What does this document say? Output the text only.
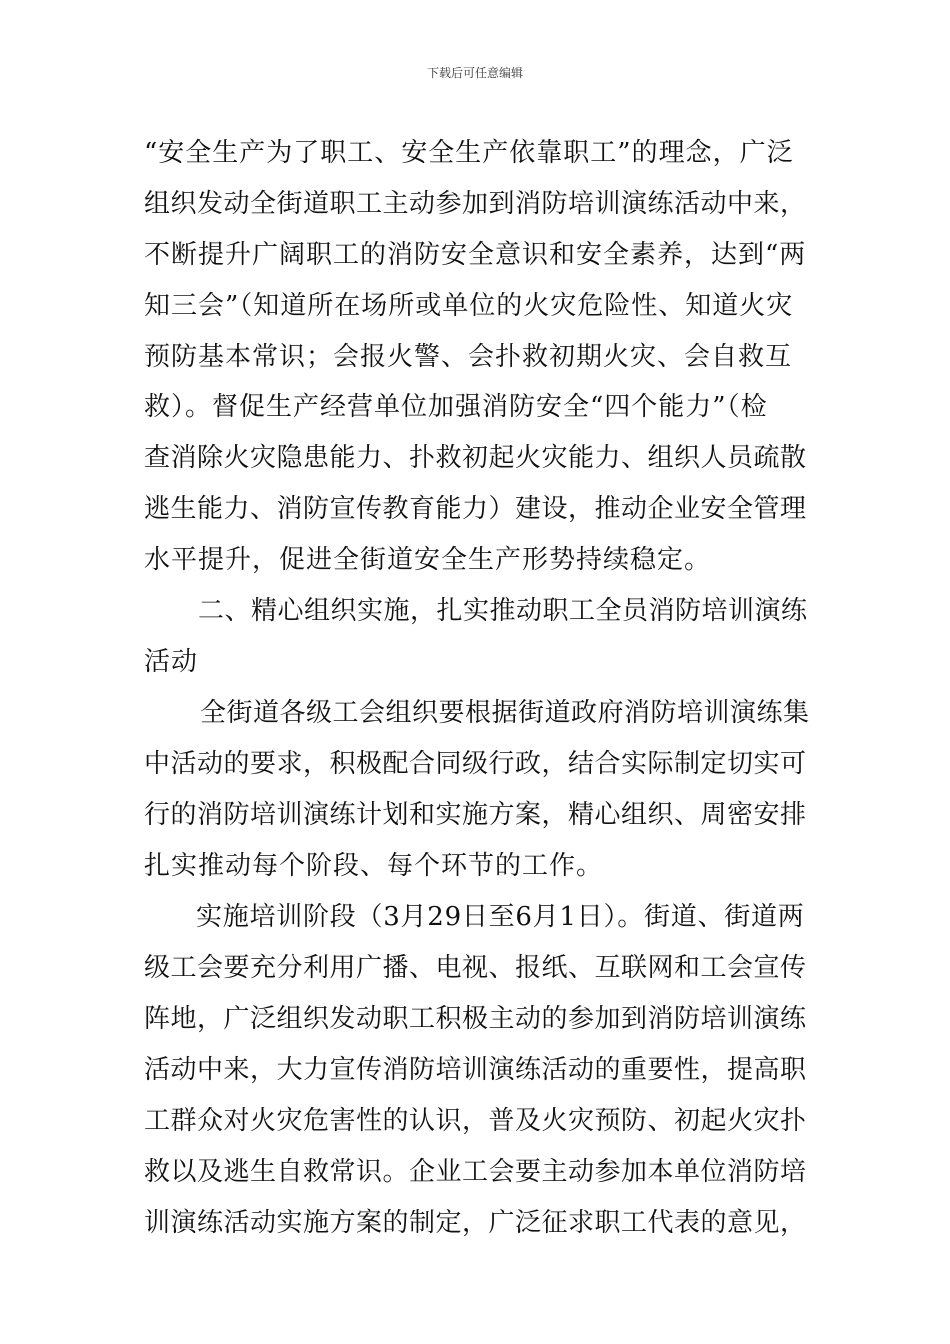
下载后可任意编辑
“安全生产为了职工、安全生产依靠职工”的理念，广泛
组织发动全街道职工主动参加到消防培训演练活动中来，
不断提升广阔职工的消防安全意识和安全素养，达到“两
知三会”（知道所在场所或单位的火灾危险性、知道火灾
预防基本常识；会报火警、会扑救初期火灾、会自救互
救）。督促生产经营单位加强消防安全“四个能力”（检
查消除火灾隐患能力、扑救初起火灾能力、组织人员疏散
逃生能力、消防宣传教育能力）建设，推动企业安全管理
水平提升，促进全街道安全生产形势持续稳定。
二、精心组织实施，扎实推动职工全员消防培训演练
活动
全街道各级工会组织要根据街道政府消防培训演练集
中活动的要求，积极配合同级行政，结合实际制定切实可
行的消防培训演练计划和实施方案，精心组织、周密安排
扎实推动每个阶段、每个环节的工作。
实施培训阶段（3月29日至6月1日）。街道、街道两
级工会要充分利用广播、电视、报纸、互联网和工会宣传
阵地，广泛组织发动职工积极主动的参加到消防培训演练
活动中来，大力宣传消防培训演练活动的重要性，提高职
工群众对火灾危害性的认识，普及火灾预防、初起火灾扑
救以及逃生自救常识。企业工会要主动参加本单位消防培
训演练活动实施方案的制定，广泛征求职工代表的意见，
